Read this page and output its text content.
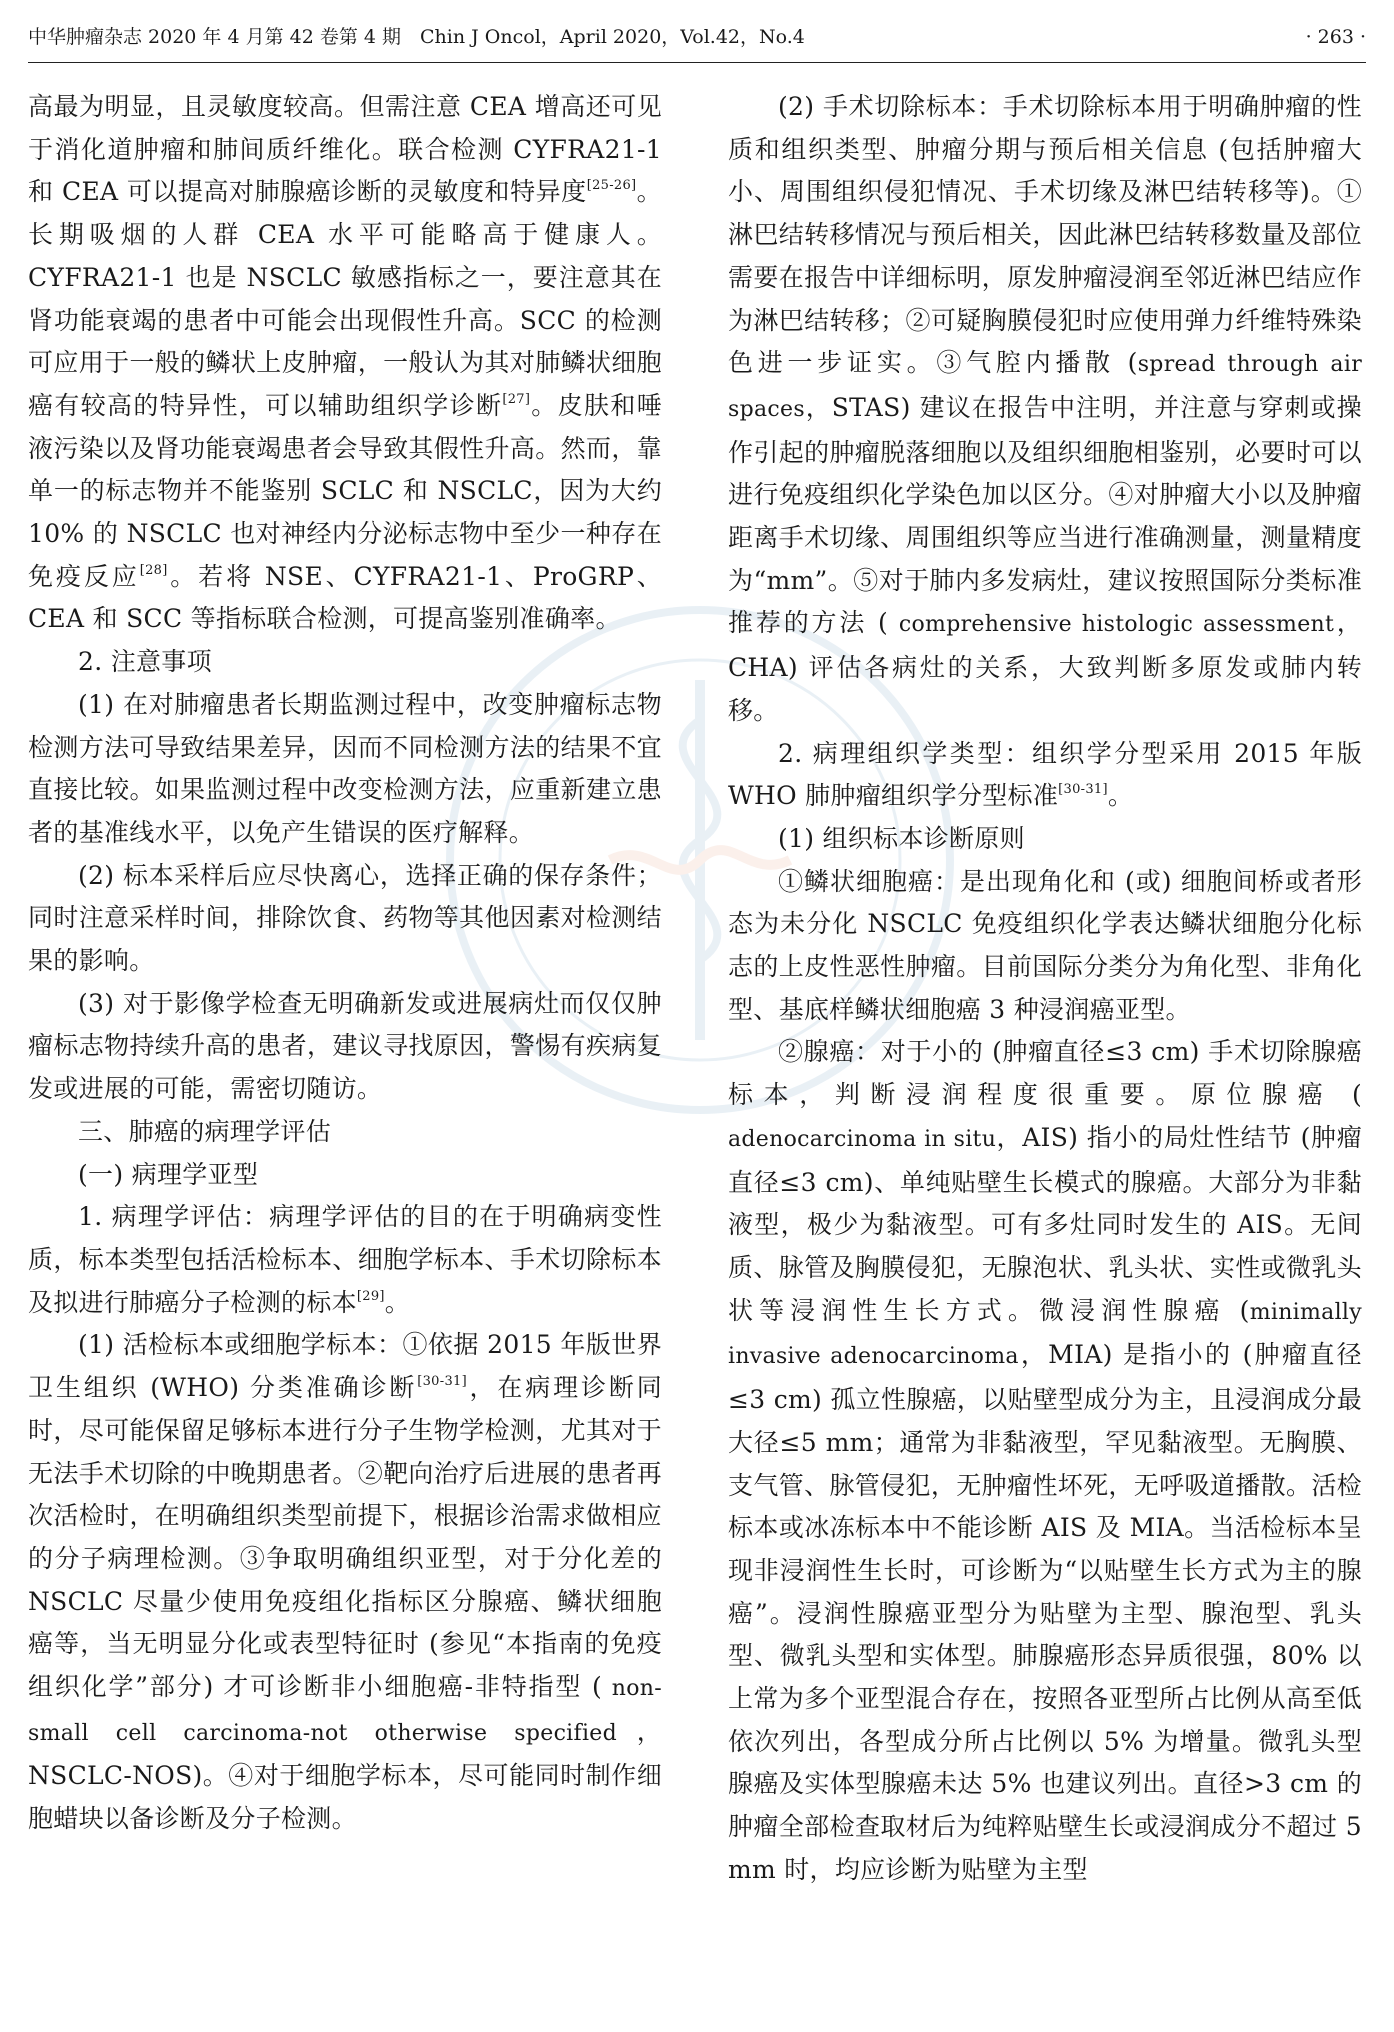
中华肿瘤杂志 2020 年 4 月第 42 卷第 4 期　Chin J Oncol，April 2020，Vol.42，No.4	· 263 ·

高最为明显，且灵敏度较高。但需注意 CEA 增高还可见于消化道肿瘤和肺间质纤维化。联合检测 CYFRA21-1 和 CEA 可以提高对肺腺癌诊断的灵敏度和特异度[25-26]。长期吸烟的人群 CEA 水平可能略高于健康人。CYFRA21-1 也是 NSCLC 敏感指标之一，要注意其在肾功能衰竭的患者中可能会出现假性升高。SCC 的检测可应用于一般的鳞状上皮肿瘤，一般认为其对肺鳞状细胞癌有较高的特异性，可以辅助组织学诊断[27]。皮肤和唾液污染以及肾功能衰竭患者会导致其假性升高。然而，靠单一的标志物并不能鉴别 SCLC 和 NSCLC，因为大约 10% 的 NSCLC 也对神经内分泌标志物中至少一种存在免疫反应[28]。若将 NSE、CYFRA21-1、ProGRP、CEA 和 SCC 等指标联合检测，可提高鉴别准确率。

2. 注意事项

(1) 在对肺瘤患者长期监测过程中，改变肿瘤标志物检测方法可导致结果差异，因而不同检测方法的结果不宜直接比较。如果监测过程中改变检测方法，应重新建立患者的基准线水平，以免产生错误的医疗解释。

(2) 标本采样后应尽快离心，选择正确的保存条件；同时注意采样时间，排除饮食、药物等其他因素对检测结果的影响。

(3) 对于影像学检查无明确新发或进展病灶而仅仅肿瘤标志物持续升高的患者，建议寻找原因，警惕有疾病复发或进展的可能，需密切随访。

三、肺癌的病理学评估

(一) 病理学亚型

1. 病理学评估：病理学评估的目的在于明确病变性质，标本类型包括活检标本、细胞学标本、手术切除标本及拟进行肺癌分子检测的标本[29]。

(1) 活检标本或细胞学标本：①依据 2015 年版世界卫生组织 (WHO) 分类准确诊断[30-31]，在病理诊断同时，尽可能保留足够标本进行分子生物学检测，尤其对于无法手术切除的中晚期患者。②靶向治疗后进展的患者再次活检时，在明确组织类型前提下，根据诊治需求做相应的分子病理检测。③争取明确组织亚型，对于分化差的 NSCLC 尽量少使用免疫组化指标区分腺癌、鳞状细胞癌等，当无明显分化或表型特征时 (参见“本指南的免疫组织化学”部分) 才可诊断非小细胞癌-非特指型 ( non-small cell carcinoma-not otherwise specified，NSCLC-NOS)。④对于细胞学标本，尽可能同时制作细胞蜡块以备诊断及分子检测。

(2) 手术切除标本：手术切除标本用于明确肿瘤的性质和组织类型、肿瘤分期与预后相关信息 (包括肿瘤大小、周围组织侵犯情况、手术切缘及淋巴结转移等)。①淋巴结转移情况与预后相关，因此淋巴结转移数量及部位需要在报告中详细标明，原发肿瘤浸润至邻近淋巴结应作为淋巴结转移；②可疑胸膜侵犯时应使用弹力纤维特殊染色进一步证实。③气腔内播散 (spread through air spaces，STAS) 建议在报告中注明，并注意与穿刺或操作引起的肿瘤脱落细胞以及组织细胞相鉴别，必要时可以进行免疫组织化学染色加以区分。④对肿瘤大小以及肿瘤距离手术切缘、周围组织等应当进行准确测量，测量精度为“mm”。⑤对于肺内多发病灶，建议按照国际分类标准推荐的方法 ( comprehensive histologic assessment，CHA) 评估各病灶的关系，大致判断多原发或肺内转移。

2. 病理组织学类型：组织学分型采用 2015 年版 WHO 肺肿瘤组织学分型标准[30-31]。

(1) 组织标本诊断原则

①鳞状细胞癌：是出现角化和 (或) 细胞间桥或者形态为未分化 NSCLC 免疫组织化学表达鳞状细胞分化标志的上皮性恶性肿瘤。目前国际分类分为角化型、非角化型、基底样鳞状细胞癌 3 种浸润癌亚型。

②腺癌：对于小的 (肿瘤直径≤3 cm) 手术切除腺癌标本，判断浸润程度很重要。原位腺癌 ( adenocarcinoma in situ，AIS) 指小的局灶性结节 (肿瘤直径≤3 cm)、单纯贴壁生长模式的腺癌。大部分为非黏液型，极少为黏液型。可有多灶同时发生的 AIS。无间质、脉管及胸膜侵犯，无腺泡状、乳头状、实性或微乳头状等浸润性生长方式。微浸润性腺癌 (minimally invasive adenocarcinoma，MIA) 是指小的 (肿瘤直径≤3 cm) 孤立性腺癌，以贴壁型成分为主，且浸润成分最大径≤5 mm；通常为非黏液型，罕见黏液型。无胸膜、支气管、脉管侵犯，无肿瘤性坏死，无呼吸道播散。活检标本或冰冻标本中不能诊断 AIS 及 MIA。当活检标本呈现非浸润性生长时，可诊断为“以贴壁生长方式为主的腺癌”。浸润性腺癌亚型分为贴壁为主型、腺泡型、乳头型、微乳头型和实体型。肺腺癌形态异质很强，80% 以上常为多个亚型混合存在，按照各亚型所占比例从高至低依次列出，各型成分所占比例以 5% 为增量。微乳头型腺癌及实体型腺癌未达 5% 也建议列出。直径>3 cm 的肿瘤全部检查取材后为纯粹贴壁生长或浸润成分不超过 5 mm 时，均应诊断为贴壁为主型
